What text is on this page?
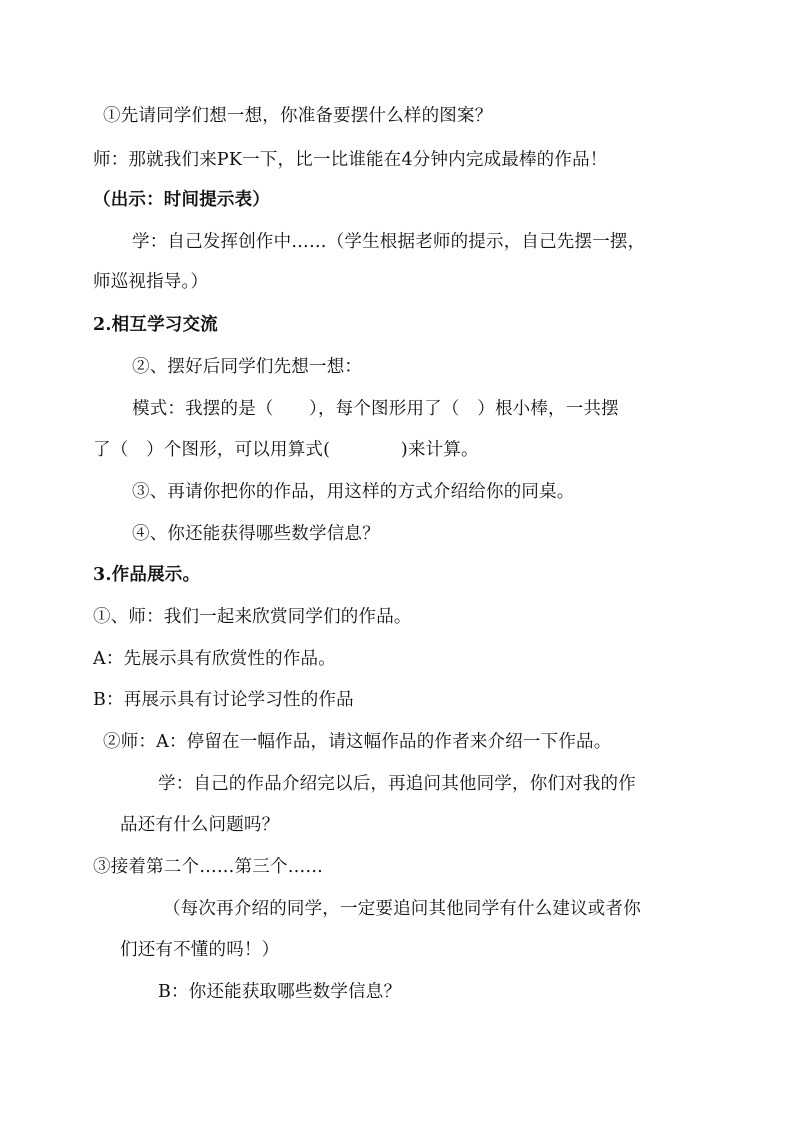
①先请同学们想一想，你准备要摆什么样的图案？
师：那就我们来PK一下，比一比谁能在4分钟内完成最棒的作品！
（出示：时间提示表）
学：自己发挥创作中……（学生根据老师的提示，自己先摆一摆，
师巡视指导。）
2.相互学习交流
②、摆好后同学们先想一想：
模式：我摆的是（　　），每个图形用了（　）根小棒，一共摆
了（　）个图形，可以用算式(　　　　)来计算。
③、再请你把你的作品，用这样的方式介绍给你的同桌。
④、你还能获得哪些数学信息？
3.作品展示。
①、师：我们一起来欣赏同学们的作品。
A：先展示具有欣赏性的作品。
B：再展示具有讨论学习性的作品
②师：A：停留在一幅作品，请这幅作品的作者来介绍一下作品。
学：自己的作品介绍完以后，再追问其他同学，你们对我的作
品还有什么问题吗？
③接着第二个……第三个……
（每次再介绍的同学，一定要追问其他同学有什么建议或者你
们还有不懂的吗！）
B：你还能获取哪些数学信息？
